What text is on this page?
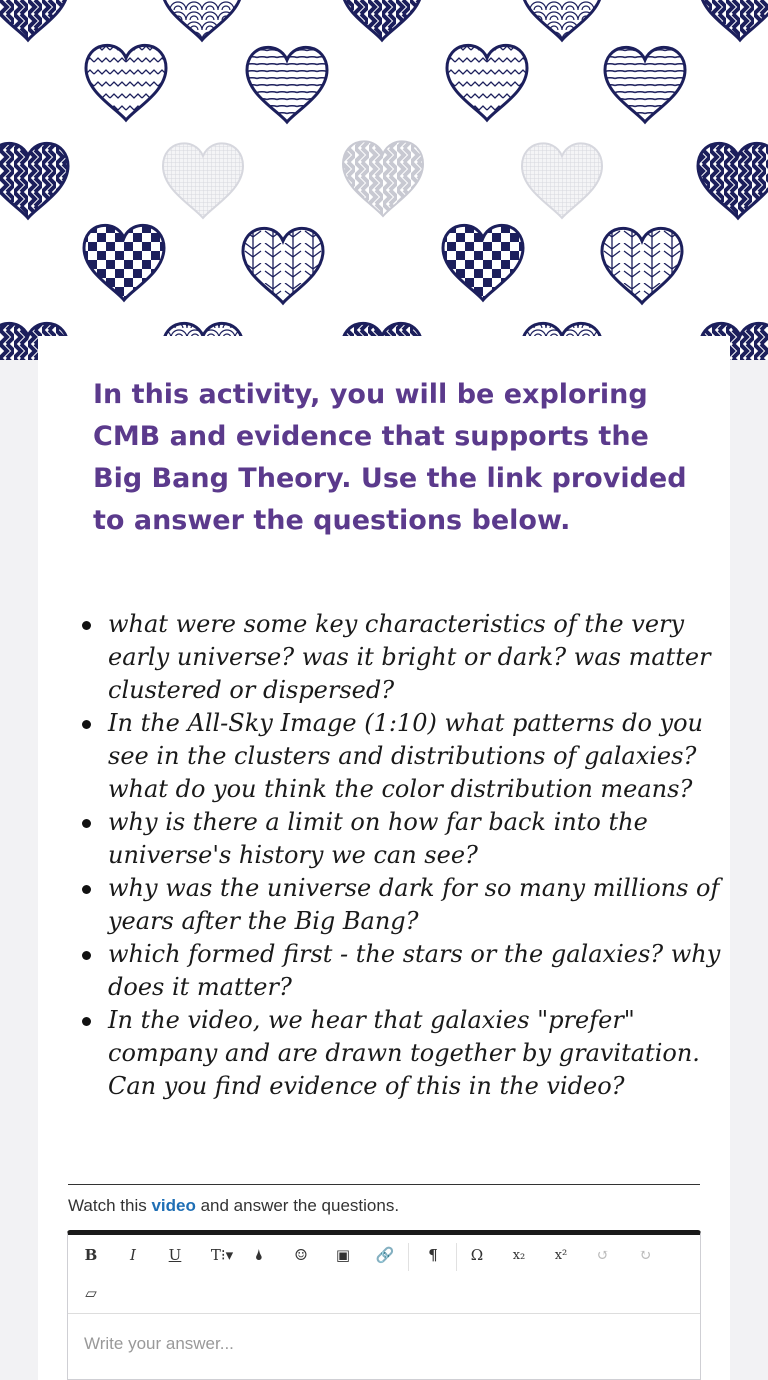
In this activity, you will be exploring CMB and evidence that supports the Big Bang Theory. Use the link provided to answer the questions below.
what were some key characteristics of the very early universe? was it bright or dark? was matter clustered or dispersed?
In the All-Sky Image (1:10) what patterns do you see in the clusters and distributions of galaxies? what do you think the color distribution means?
why is there a limit on how far back into the universe's history we can see?
why was the universe dark for so many millions of years after the Big Bang?
which formed first - the stars or the galaxies? why does it matter?
In the video, we hear that galaxies "prefer" company and are drawn together by gravitation. Can you find evidence of this in the video?
Watch this video and answer the questions.
B	I	U	T⁝▾	🌢	☺	▣	🔗	¶	Ω	x₂	x²	↺	↻
▱
Write your answer...
